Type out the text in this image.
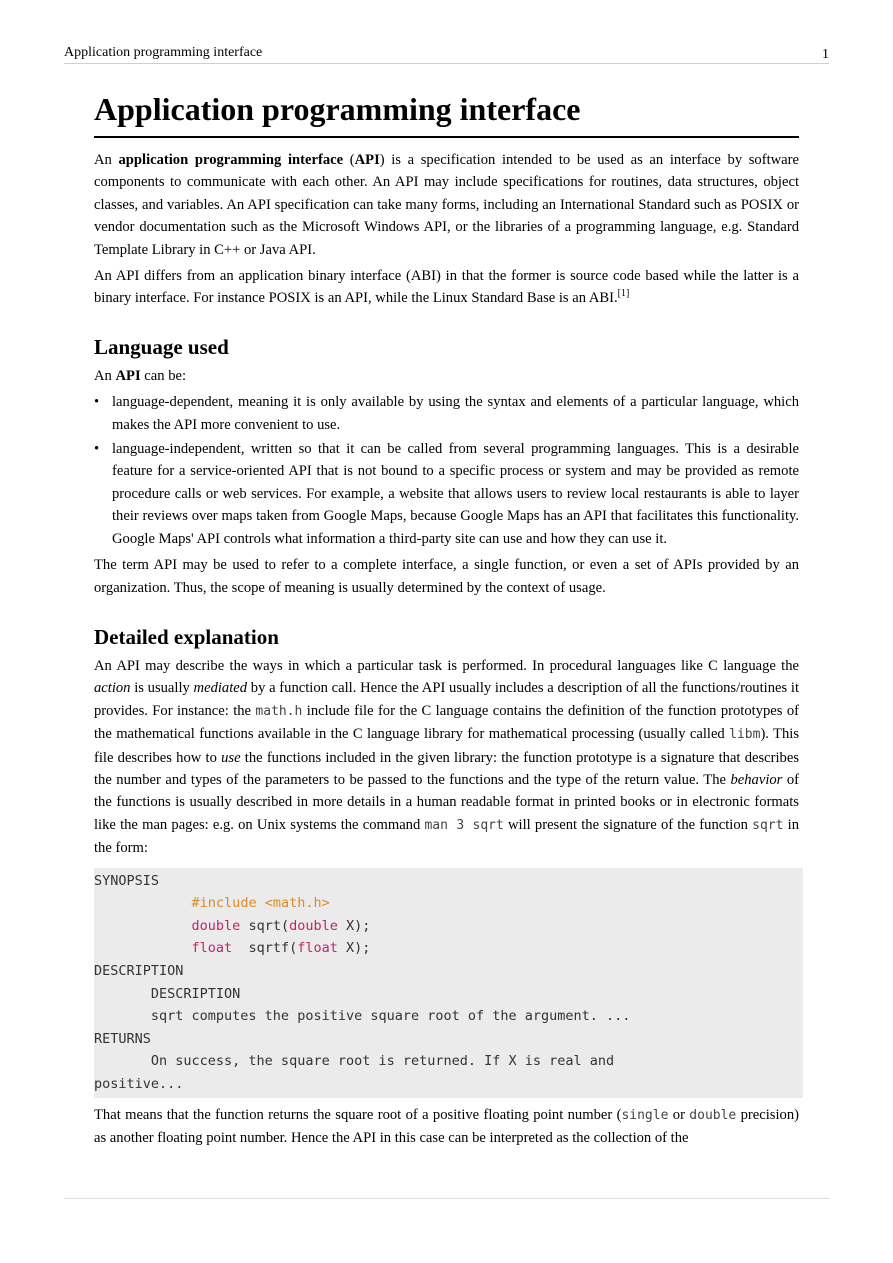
Application programming interface	1
Application programming interface

An application programming interface (API) is a specification intended to be used as an interface by software components to communicate with each other. An API may include specifications for routines, data structures, object classes, and variables. An API specification can take many forms, including an International Standard such as POSIX or vendor documentation such as the Microsoft Windows API, or the libraries of a programming language, e.g. Standard Template Library in C++ or Java API.

An API differs from an application binary interface (ABI) in that the former is source code based while the latter is a binary interface. For instance POSIX is an API, while the Linux Standard Base is an ABI.[1]

Language used

An API can be:

• language-dependent, meaning it is only available by using the syntax and elements of a particular language, which makes the API more convenient to use.
• language-independent, written so that it can be called from several programming languages. This is a desirable feature for a service-oriented API that is not bound to a specific process or system and may be provided as remote procedure calls or web services. For example, a website that allows users to review local restaurants is able to layer their reviews over maps taken from Google Maps, because Google Maps has an API that facilitates this functionality. Google Maps' API controls what information a third-party site can use and how they can use it.

The term API may be used to refer to a complete interface, a single function, or even a set of APIs provided by an organization. Thus, the scope of meaning is usually determined by the context of usage.

Detailed explanation

An API may describe the ways in which a particular task is performed. In procedural languages like C language the action is usually mediated by a function call. Hence the API usually includes a description of all the functions/routines it provides. For instance: the math.h include file for the C language contains the definition of the function prototypes of the mathematical functions available in the C language library for mathematical processing (usually called libm). This file describes how to use the functions included in the given library: the function prototype is a signature that describes the number and types of the parameters to be passed to the functions and the type of the return value. The behavior of the functions is usually described in more details in a human readable format in printed books or in electronic formats like the man pages: e.g. on Unix systems the command man 3 sqrt will present the signature of the function sqrt in the form:

SYNOPSIS
#include <math.h>
double sqrt(double X);
float  sqrtf(float X);
DESCRIPTION
DESCRIPTION
sqrt computes the positive square root of the argument. ...
RETURNS
On success, the square root is returned. If X is real and
positive...

That means that the function returns the square root of a positive floating point number (single or double precision) as another floating point number. Hence the API in this case can be interpreted as the collection of the
